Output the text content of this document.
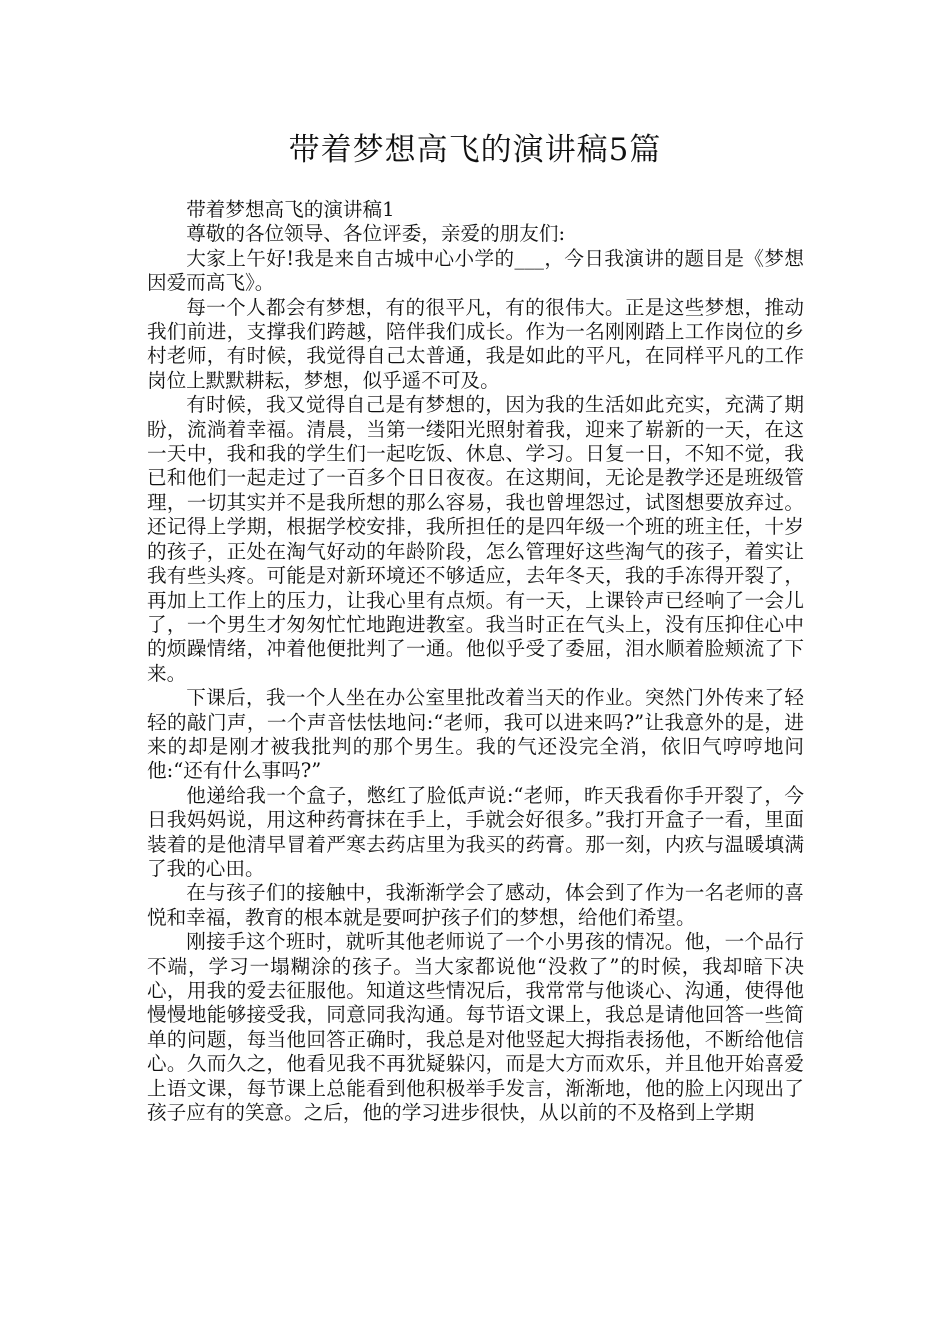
带着梦想高飞的演讲稿5篇

带着梦想高飞的演讲稿1

尊敬的各位领导、各位评委，亲爱的朋友们:

大家上午好!我是来自古城中心小学的___，今日我演讲的题目是《梦想因爱而高飞》。

每一个人都会有梦想，有的很平凡，有的很伟大。正是这些梦想，推动我们前进，支撑我们跨越，陪伴我们成长。作为一名刚刚踏上工作岗位的乡村老师，有时候，我觉得自己太普通，我是如此的平凡，在同样平凡的工作岗位上默默耕耘，梦想，似乎遥不可及。

有时候，我又觉得自己是有梦想的，因为我的生活如此充实，充满了期盼，流淌着幸福。清晨，当第一缕阳光照射着我，迎来了崭新的一天，在这一天中，我和我的学生们一起吃饭、休息、学习。日复一日，不知不觉，我已和他们一起走过了一百多个日日夜夜。在这期间，无论是教学还是班级管理，一切其实并不是我所想的那么容易，我也曾埋怨过，试图想要放弃过。还记得上学期，根据学校安排，我所担任的是四年级一个班的班主任，十岁的孩子，正处在淘气好动的年龄阶段，怎么管理好这些淘气的孩子，着实让我有些头疼。可能是对新环境还不够适应，去年冬天，我的手冻得开裂了，再加上工作上的压力，让我心里有点烦。有一天，上课铃声已经响了一会儿了，一个男生才匆匆忙忙地跑进教室。我当时正在气头上，没有压抑住心中的烦躁情绪，冲着他便批判了一通。他似乎受了委屈，泪水顺着脸颊流了下来。

下课后，我一个人坐在办公室里批改着当天的作业。突然门外传来了轻轻的敲门声，一个声音怯怯地问:“老师，我可以进来吗?”让我意外的是，进来的却是刚才被我批判的那个男生。我的气还没完全消，依旧气哼哼地问他:“还有什么事吗?”

他递给我一个盒子，憋红了脸低声说:“老师，昨天我看你手开裂了，今日我妈妈说，用这种药膏抹在手上，手就会好很多。”我打开盒子一看，里面装着的是他清早冒着严寒去药店里为我买的药膏。那一刻，内疚与温暖填满了我的心田。

在与孩子们的接触中，我渐渐学会了感动，体会到了作为一名老师的喜悦和幸福，教育的根本就是要呵护孩子们的梦想，给他们希望。

刚接手这个班时，就听其他老师说了一个小男孩的情况。他，一个品行不端，学习一塌糊涂的孩子。当大家都说他“没救了”的时候，我却暗下决心，用我的爱去征服他。知道这些情况后，我常常与他谈心、沟通，使得他慢慢地能够接受我，同意同我沟通。每节语文课上，我总是请他回答一些简单的问题，每当他回答正确时，我总是对他竖起大拇指表扬他，不断给他信心。久而久之，他看见我不再犹疑躲闪，而是大方而欢乐，并且他开始喜爱上语文课，每节课上总能看到他积极举手发言，渐渐地，他的脸上闪现出了孩子应有的笑意。之后，他的学习进步很快，从以前的不及格到上学期
